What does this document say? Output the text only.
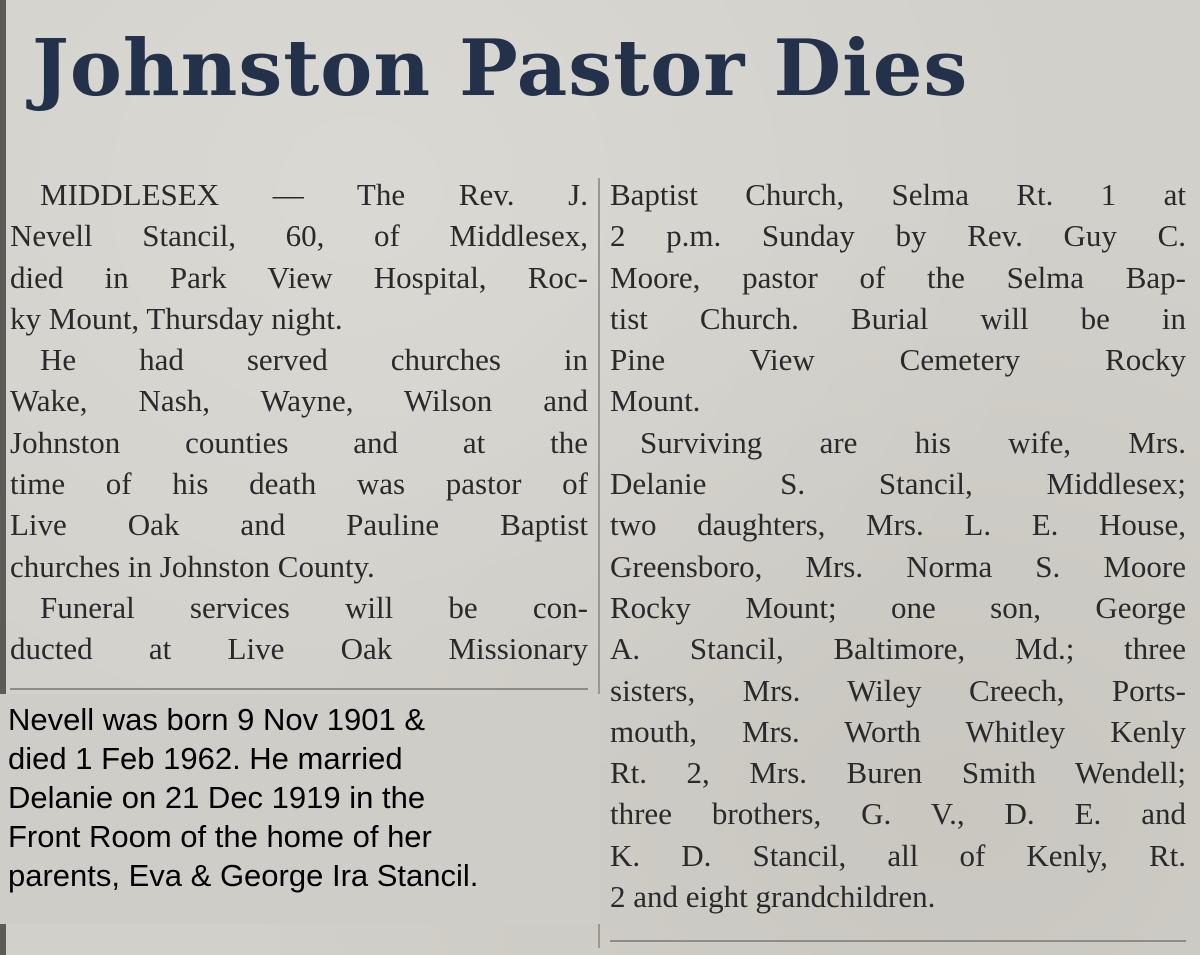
Johnston Pastor Dies
MIDDLESEX — The Rev. J.
Nevell Stancil, 60, of Middlesex,
died in Park View Hospital, Roc-
ky Mount, Thursday night.
He had served churches in
Wake, Nash, Wayne, Wilson and
Johnston counties and at the
time of his death was pastor of
Live Oak and Pauline Baptist
churches in Johnston County.
Funeral services will be con-
ducted at Live Oak Missionary
Baptist Church, Selma Rt. 1 at
2 p.m. Sunday by Rev. Guy C.
Moore, pastor of the Selma Bap-
tist Church. Burial will be in
Pine View Cemetery Rocky
Mount.
Surviving are his wife, Mrs.
Delanie S. Stancil, Middlesex;
two daughters, Mrs. L. E. House,
Greensboro, Mrs. Norma S. Moore
Rocky Mount; one son, George
A. Stancil, Baltimore, Md.; three
sisters, Mrs. Wiley Creech, Ports-
mouth, Mrs. Worth Whitley Kenly
Rt. 2, Mrs. Buren Smith Wendell;
three brothers, G. V., D. E. and
K. D. Stancil, all of Kenly, Rt.
2 and eight grandchildren.
Nevell was born 9 Nov 1901 &
died 1 Feb 1962. He married
Delanie on 21 Dec 1919 in the
Front Room of the home of her
parents, Eva & George Ira Stancil.
